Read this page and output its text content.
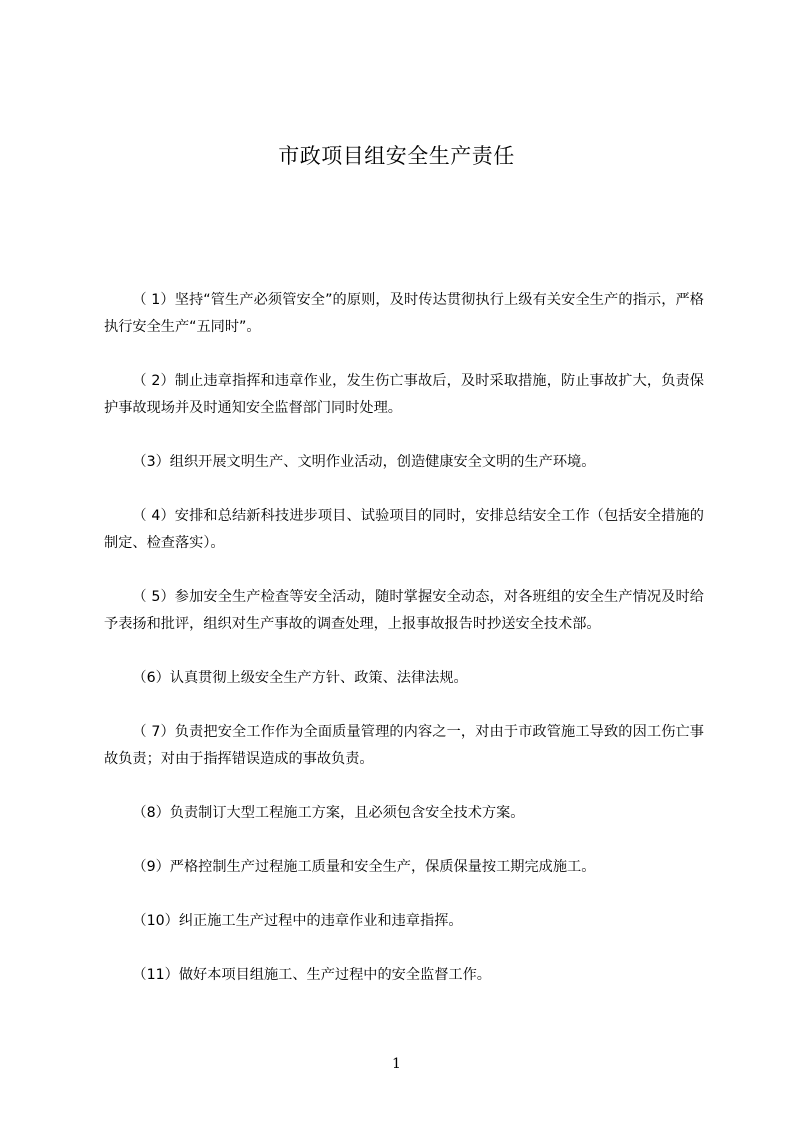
市政项目组安全生产责任

（ 1）坚持“管生产必须管安全”的原则，及时传达贯彻执行上级有关安全生产的指示，严格执行安全生产“五同时”。

（ 2）制止违章指挥和违章作业，发生伤亡事故后，及时采取措施，防止事故扩大，负责保护事故现场并及时通知安全监督部门同时处理。

（3）组织开展文明生产、文明作业活动，创造健康安全文明的生产环境。

（ 4）安排和总结新科技进步项目、试验项目的同时，安排总结安全工作（包括安全措施的制定、检查落实）。

（ 5）参加安全生产检查等安全活动，随时掌握安全动态，对各班组的安全生产情况及时给予表扬和批评，组织对生产事故的调查处理，上报事故报告时抄送安全技术部。

（6）认真贯彻上级安全生产方针、政策、法律法规。

（ 7）负责把安全工作作为全面质量管理的内容之一，对由于市政管施工导致的因工伤亡事故负责；对由于指挥错误造成的事故负责。

（8）负责制订大型工程施工方案，且必须包含安全技术方案。

（9）严格控制生产过程施工质量和安全生产，保质保量按工期完成施工。

（10）纠正施工生产过程中的违章作业和违章指挥。

（11）做好本项目组施工、生产过程中的安全监督工作。

1
